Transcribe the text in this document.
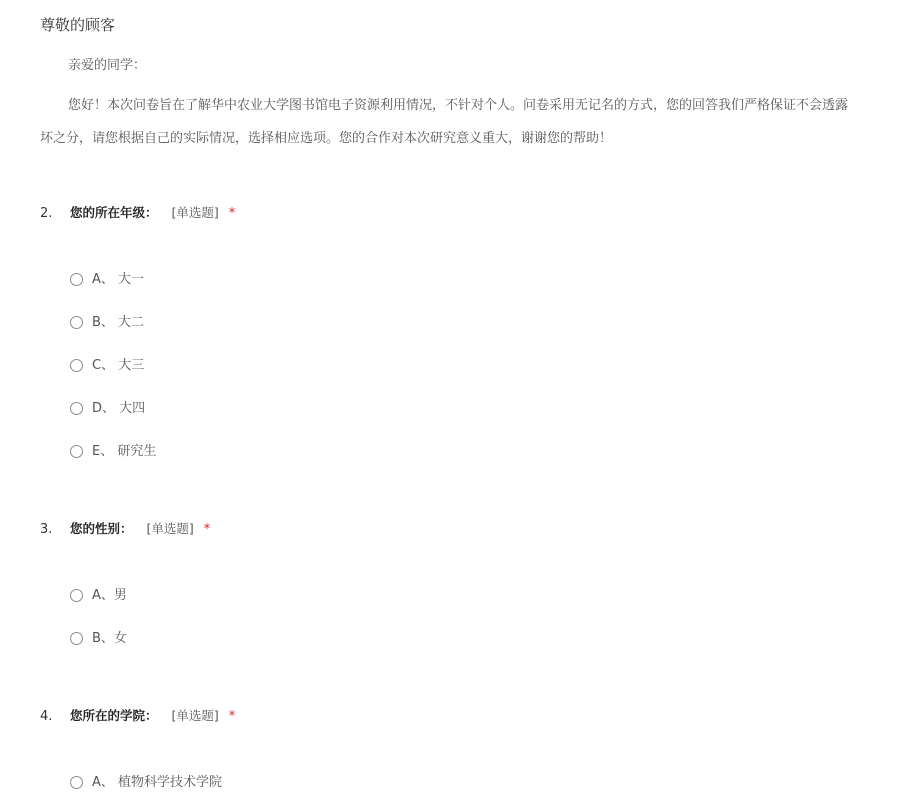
尊敬的顾客
亲爱的同学：
您好！本次问卷旨在了解华中农业大学图书馆电子资源利用情况，不针对个人。问卷采用无记名的方式，您的回答我们严格保证不会透露
坏之分，请您根据自己的实际情况，选择相应选项。您的合作对本次研究意义重大，谢谢您的帮助！
2. 您的所在年级： [单选题] *
A、 大一
B、 大二
C、 大三
D、 大四
E、 研究生
3. 您的性别： [单选题] *
A、男
B、女
4. 您所在的学院： [单选题] *
A、 植物科学技术学院
